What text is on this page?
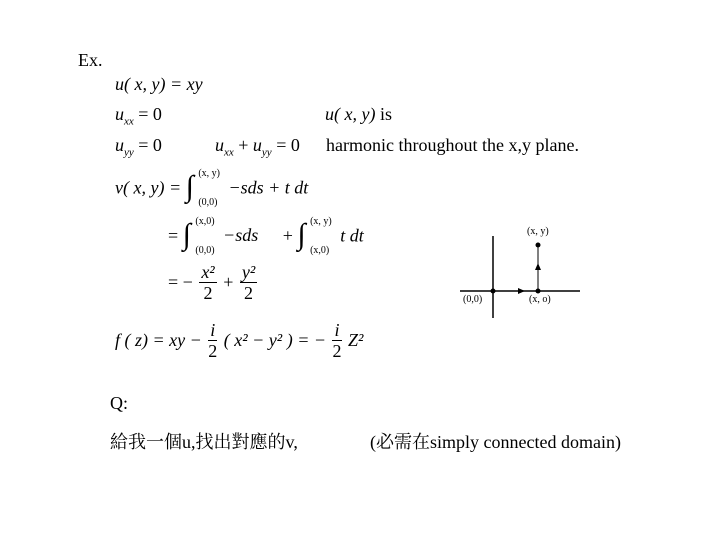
Ex.
u( x, y) = xy
$u_{xx} = 0$	u( x, y) is
$u_{yy} = 0$	$u_{xx} + u_{yy} = 0$ harmonic throughout the x,y plane.
v( x, y) = ∫ (x, y)
(0,0)
−sds + t dt
= ∫ (x,0)
(0,0)
−sds + ∫ (x, y)
(x,0)
t dt
= − $\frac{\text{x²}}{2} + \frac{\text{y²}}{2}$
f ( z) = xy − $\frac{i}{2}$ ( x² − y² ) = − $\frac{i}{2} Z^2$
(x, y)
(0,0)	(x, o)
Q:
給我一個u,找出對應的v,	(必需在simply connected domain)
